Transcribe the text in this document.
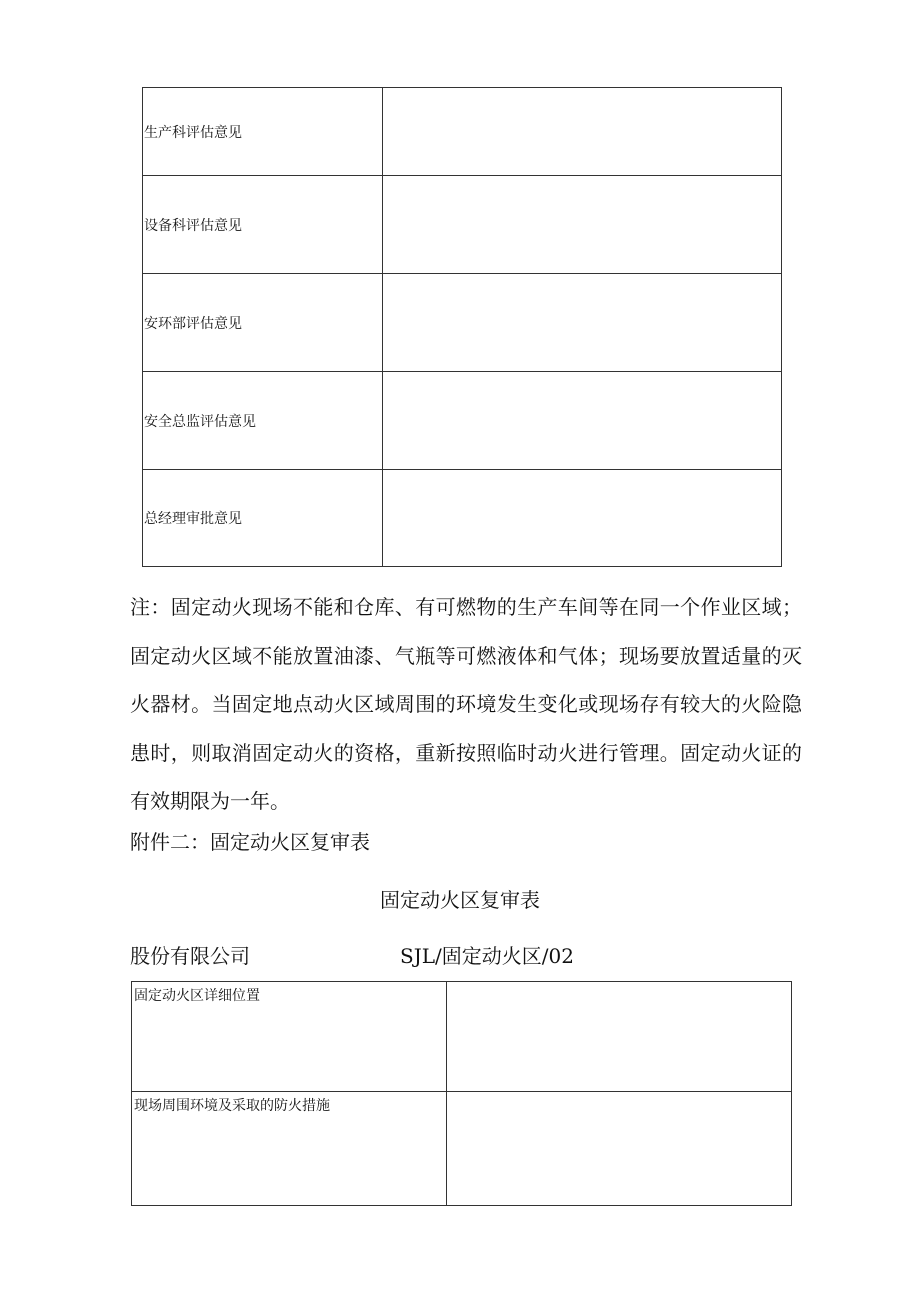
生产科评估意见	
设备科评估意见	
安环部评估意见	
安全总监评估意见	
总经理审批意见	

注：固定动火现场不能和仓库、有可燃物的生产车间等在同一个作业区域；固定动火区域不能放置油漆、气瓶等可燃液体和气体；现场要放置适量的灭火器材。当固定地点动火区域周围的环境发生变化或现场存有较大的火险隐患时，则取消固定动火的资格，重新按照临时动火进行管理。固定动火证的有效期限为一年。

附件二：固定动火区复审表

固定动火区复审表

股份有限公司	SJL/固定动火区/02

固定动火区详细位置	
现场周围环境及采取的防火措施	
